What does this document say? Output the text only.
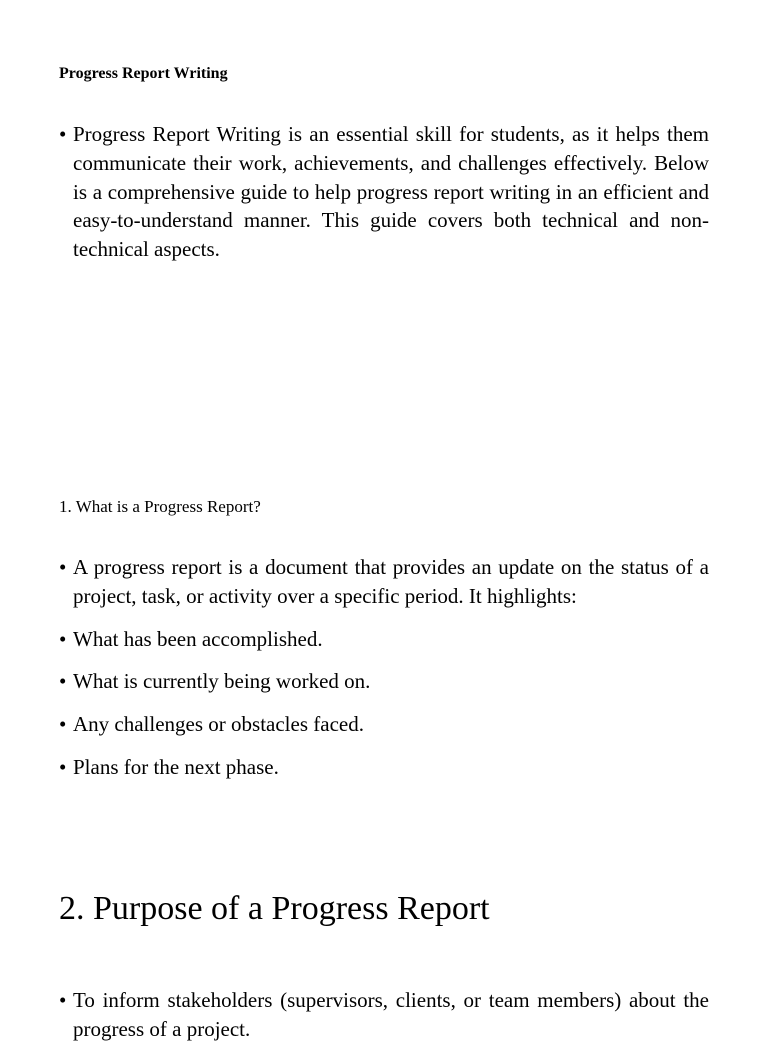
Progress Report Writing
• Progress Report Writing is an essential skill for students, as it helps them communicate their work, achievements, and challenges effectively. Below is a comprehensive guide to help progress report writing in an efficient and easy-to-understand manner. This guide covers both technical and non-technical aspects.
1. What is a Progress Report?
• A progress report is a document that provides an update on the status of a project, task, or activity over a specific period. It highlights:
• What has been accomplished.
• What is currently being worked on.
• Any challenges or obstacles faced.
• Plans for the next phase.
2. Purpose of a Progress Report
• To inform stakeholders (supervisors, clients, or team members) about the progress of a project.
